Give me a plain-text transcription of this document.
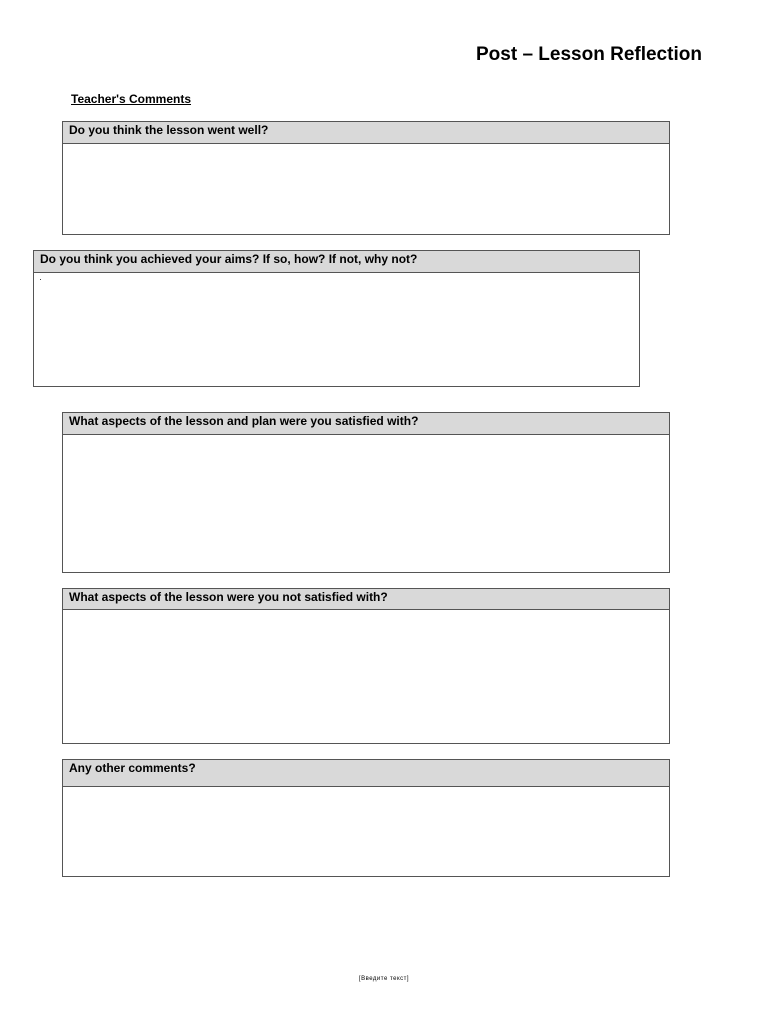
Post – Lesson Reflection
Teacher's Comments
Do you think the lesson went well?
Do you think you achieved your aims? If so, how? If not, why not?
What aspects of the lesson and plan were you satisfied with?
What aspects of the lesson were you not satisfied with?
Any other comments?
[Введите текст]
